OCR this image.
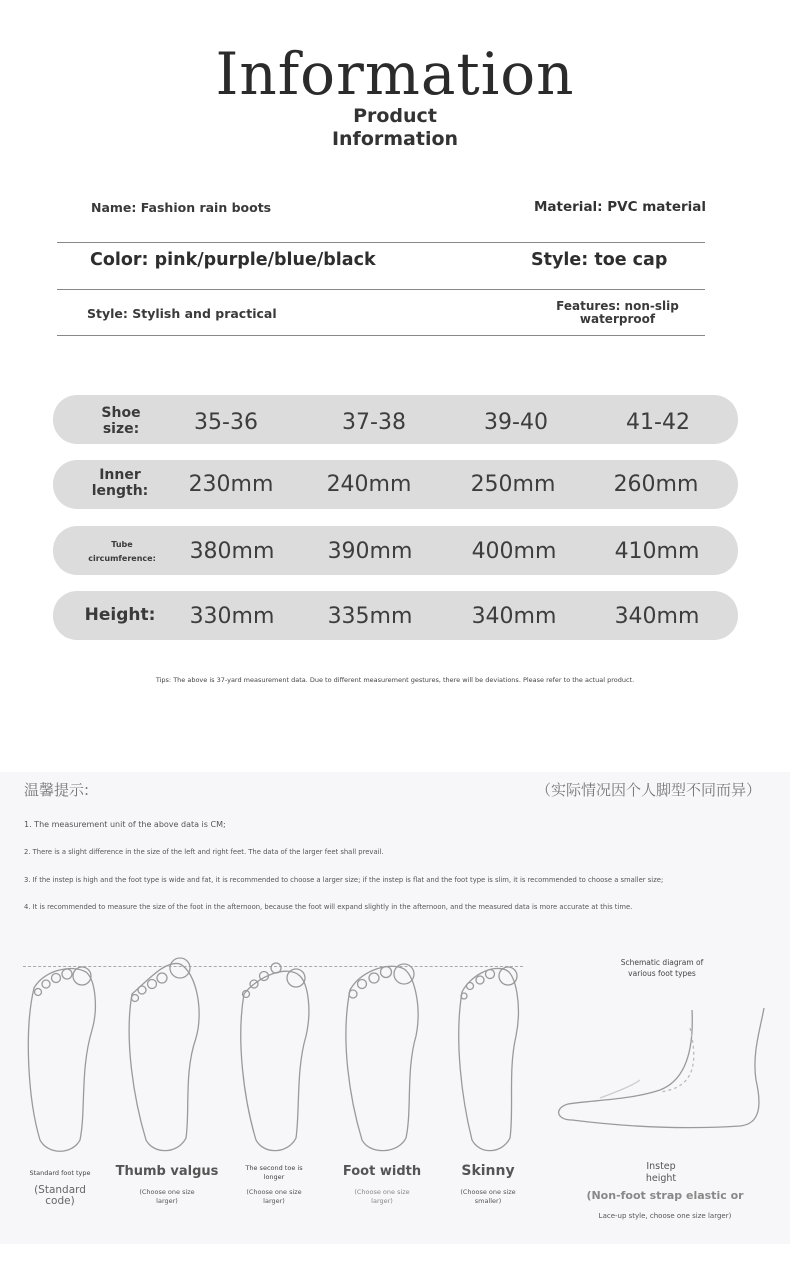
Information
Product
Information
Name: Fashion rain boots	Material: PVC material
Color: pink/purple/blue/black	Style: toe cap
Style: Stylish and practical	Features: non-slip
waterproof
Shoe
size:	35-36	37-38	39-40	41-42
Inner
length:	230mm	240mm	250mm	260mm
Tube
circumference:	380mm	390mm	400mm	410mm
Height:	330mm	335mm	340mm	340mm
Tips: The above is 37-yard measurement data. Due to different measurement gestures, there will be deviations. Please refer to the actual product.
温馨提示:	（实际情况因个人脚型不同而异）
1. The measurement unit of the above data is CM;
2. There is a slight difference in the size of the left and right feet. The data of the larger feet shall prevail.
3. If the instep is high and the foot type is wide and fat, it is recommended to choose a larger size; if the instep is flat and the foot type is slim, it is recommended to choose a smaller size;
4. It is recommended to measure the size of the foot in the afternoon, because the foot will expand slightly in the afternoon, and the measured data is more accurate at this time.
Standard foot type
(Standard
code)
Thumb valgus
(Choose one size
larger)
The second toe is
longer
(Choose one size
larger)
Foot width
(Choose one size
larger)
Skinny
(Choose one size
smaller)
Schematic diagram of
various foot types
Instep
height
(Non-foot strap elastic or
Lace-up style, choose one size larger)
